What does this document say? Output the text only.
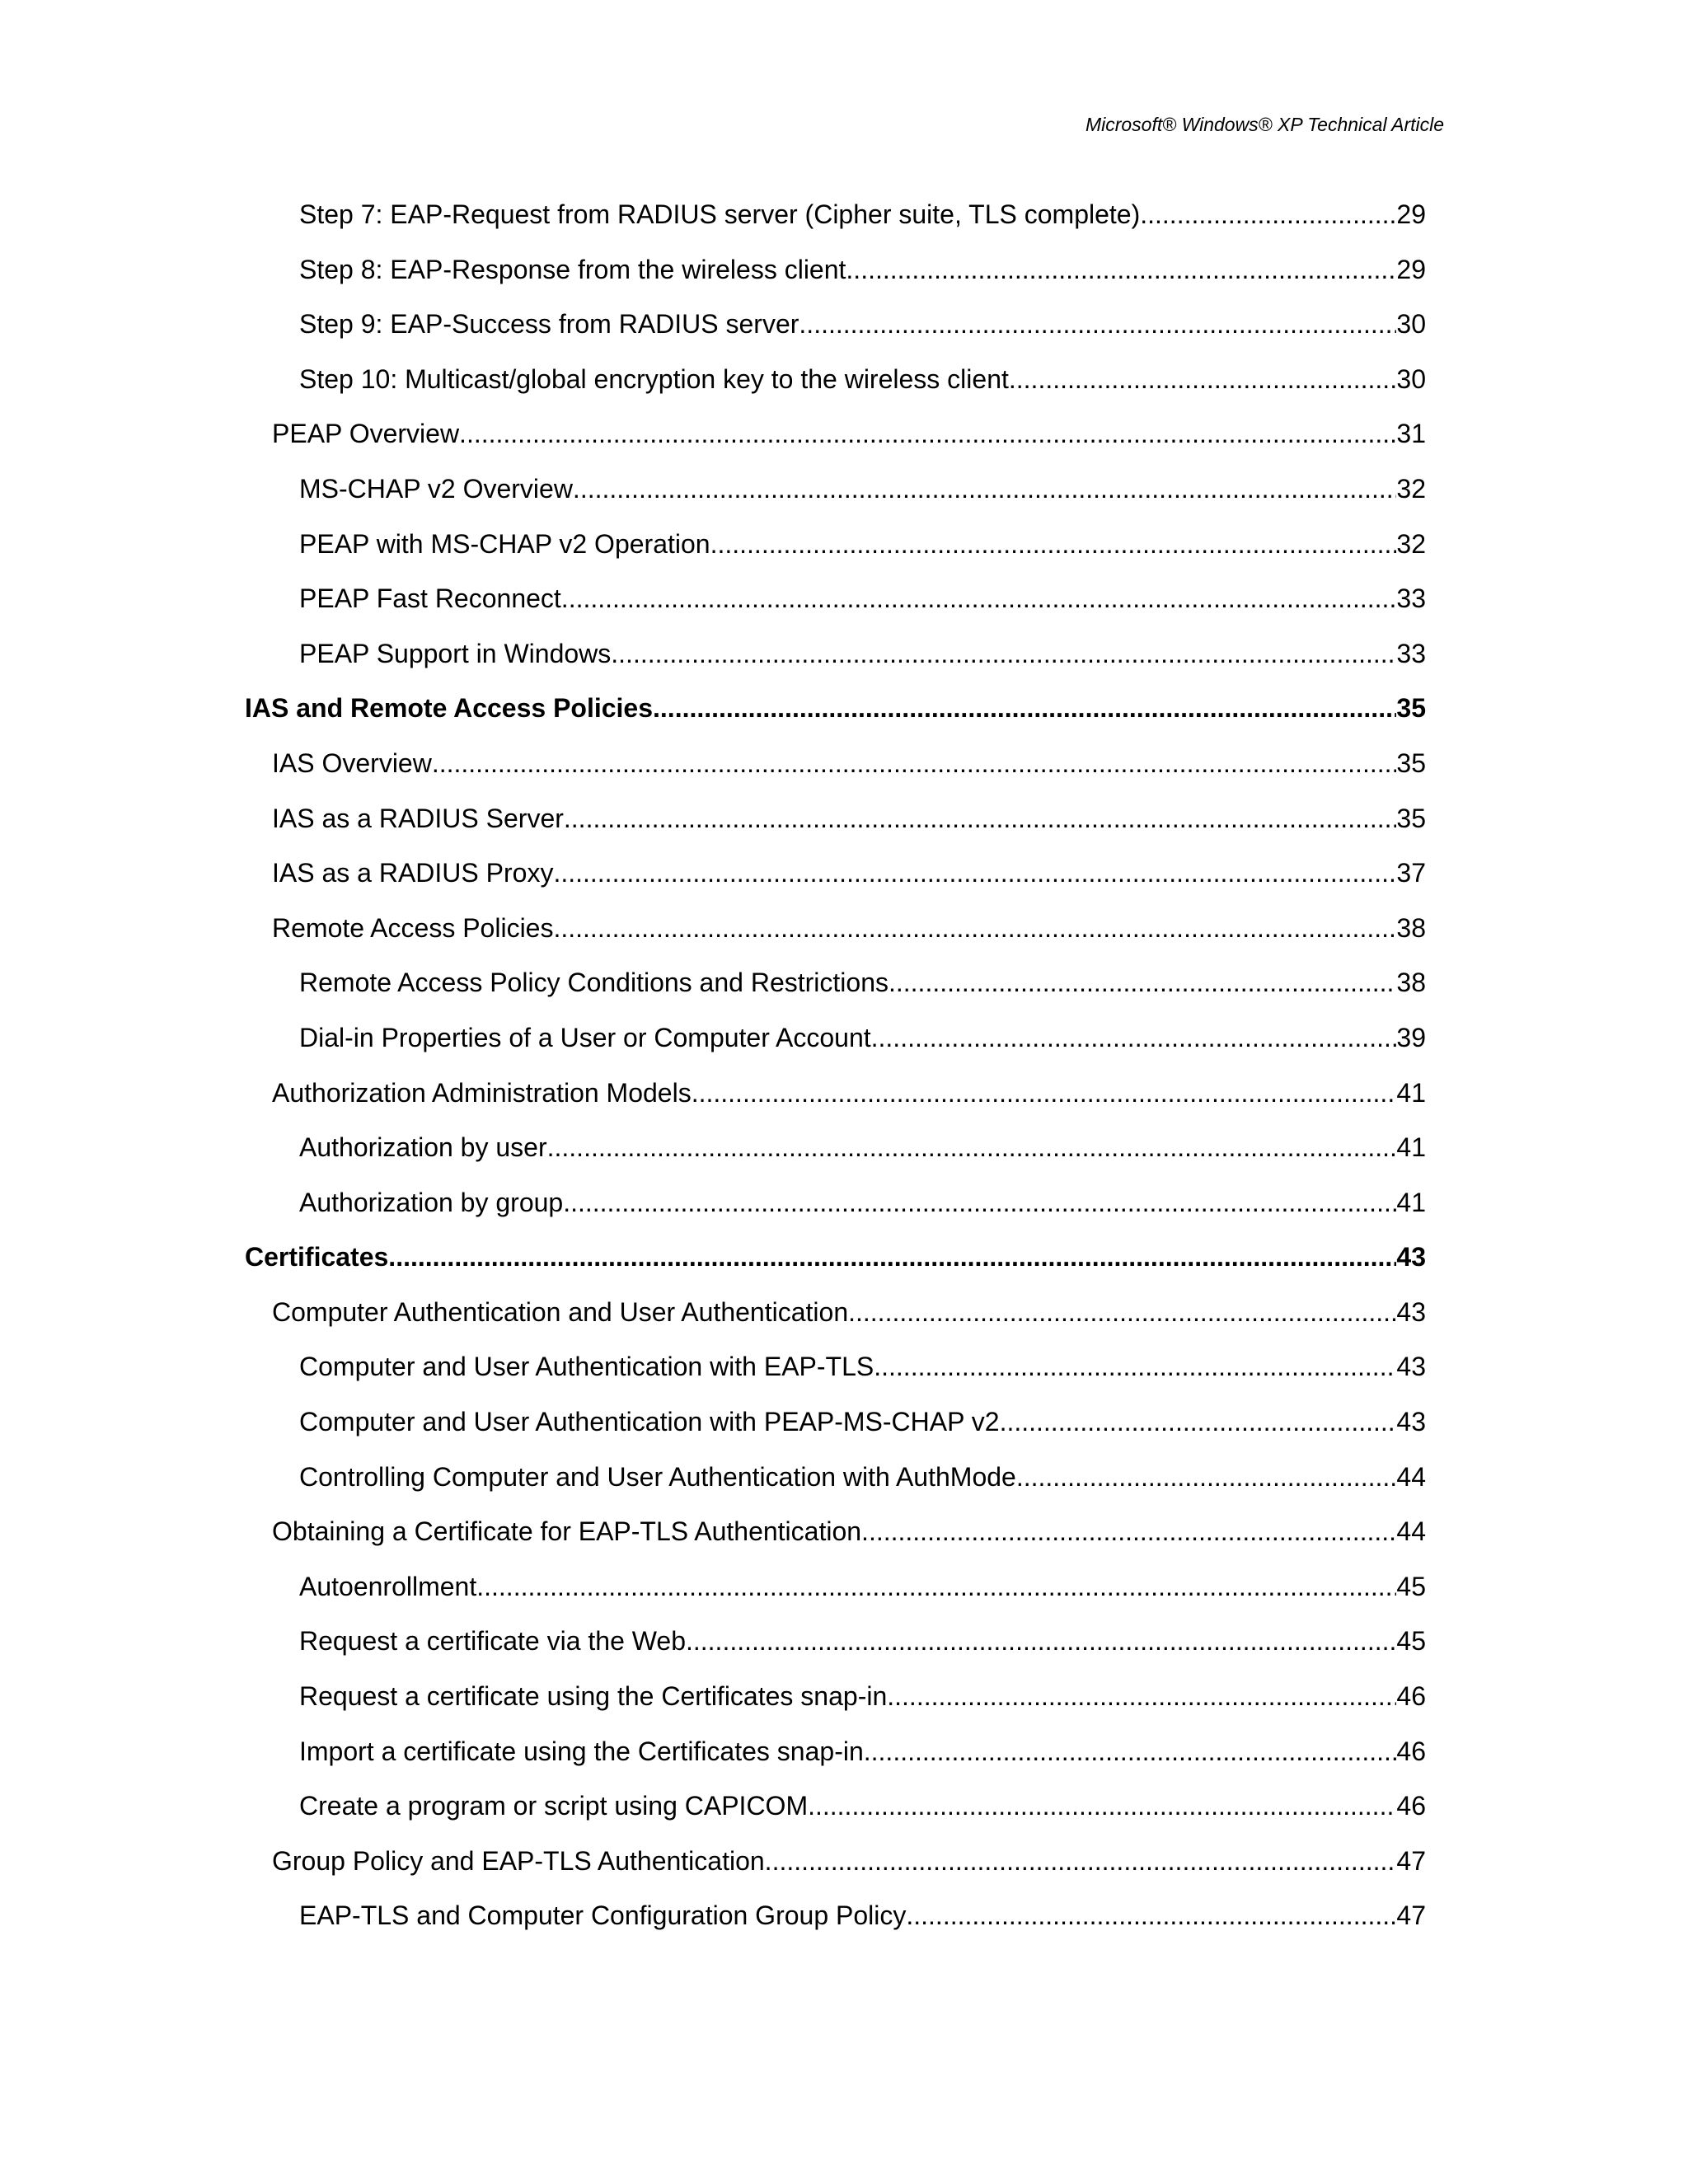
Microsoft® Windows® XP Technical Article
Step 7: EAP-Request from RADIUS server (Cipher suite, TLS complete) .....	29
Step 8: EAP-Response from the wireless client .....	29
Step 9: EAP-Success from RADIUS server .....	30
Step 10: Multicast/global encryption key to the wireless client .....	30
PEAP Overview .....	31
MS-CHAP v2 Overview .....	32
PEAP with MS-CHAP v2 Operation .....	32
PEAP Fast Reconnect .....	33
PEAP Support in Windows .....	33
IAS and Remote Access Policies .....	35
IAS Overview .....	35
IAS as a RADIUS Server .....	35
IAS as a RADIUS Proxy .....	37
Remote Access Policies .....	38
Remote Access Policy Conditions and Restrictions .....	38
Dial-in Properties of a User or Computer Account .....	39
Authorization Administration Models .....	41
Authorization by user .....	41
Authorization by group .....	41
Certificates .....	43
Computer Authentication and User Authentication .....	43
Computer and User Authentication with EAP-TLS .....	43
Computer and User Authentication with PEAP-MS-CHAP v2 .....	43
Controlling Computer and User Authentication with AuthMode .....	44
Obtaining a Certificate for EAP-TLS Authentication .....	44
Autoenrollment .....	45
Request a certificate via the Web .....	45
Request a certificate using the Certificates snap-in .....	46
Import a certificate using the Certificates snap-in .....	46
Create a program or script using CAPICOM .....	46
Group Policy and EAP-TLS Authentication .....	47
EAP-TLS and Computer Configuration Group Policy .....	47
